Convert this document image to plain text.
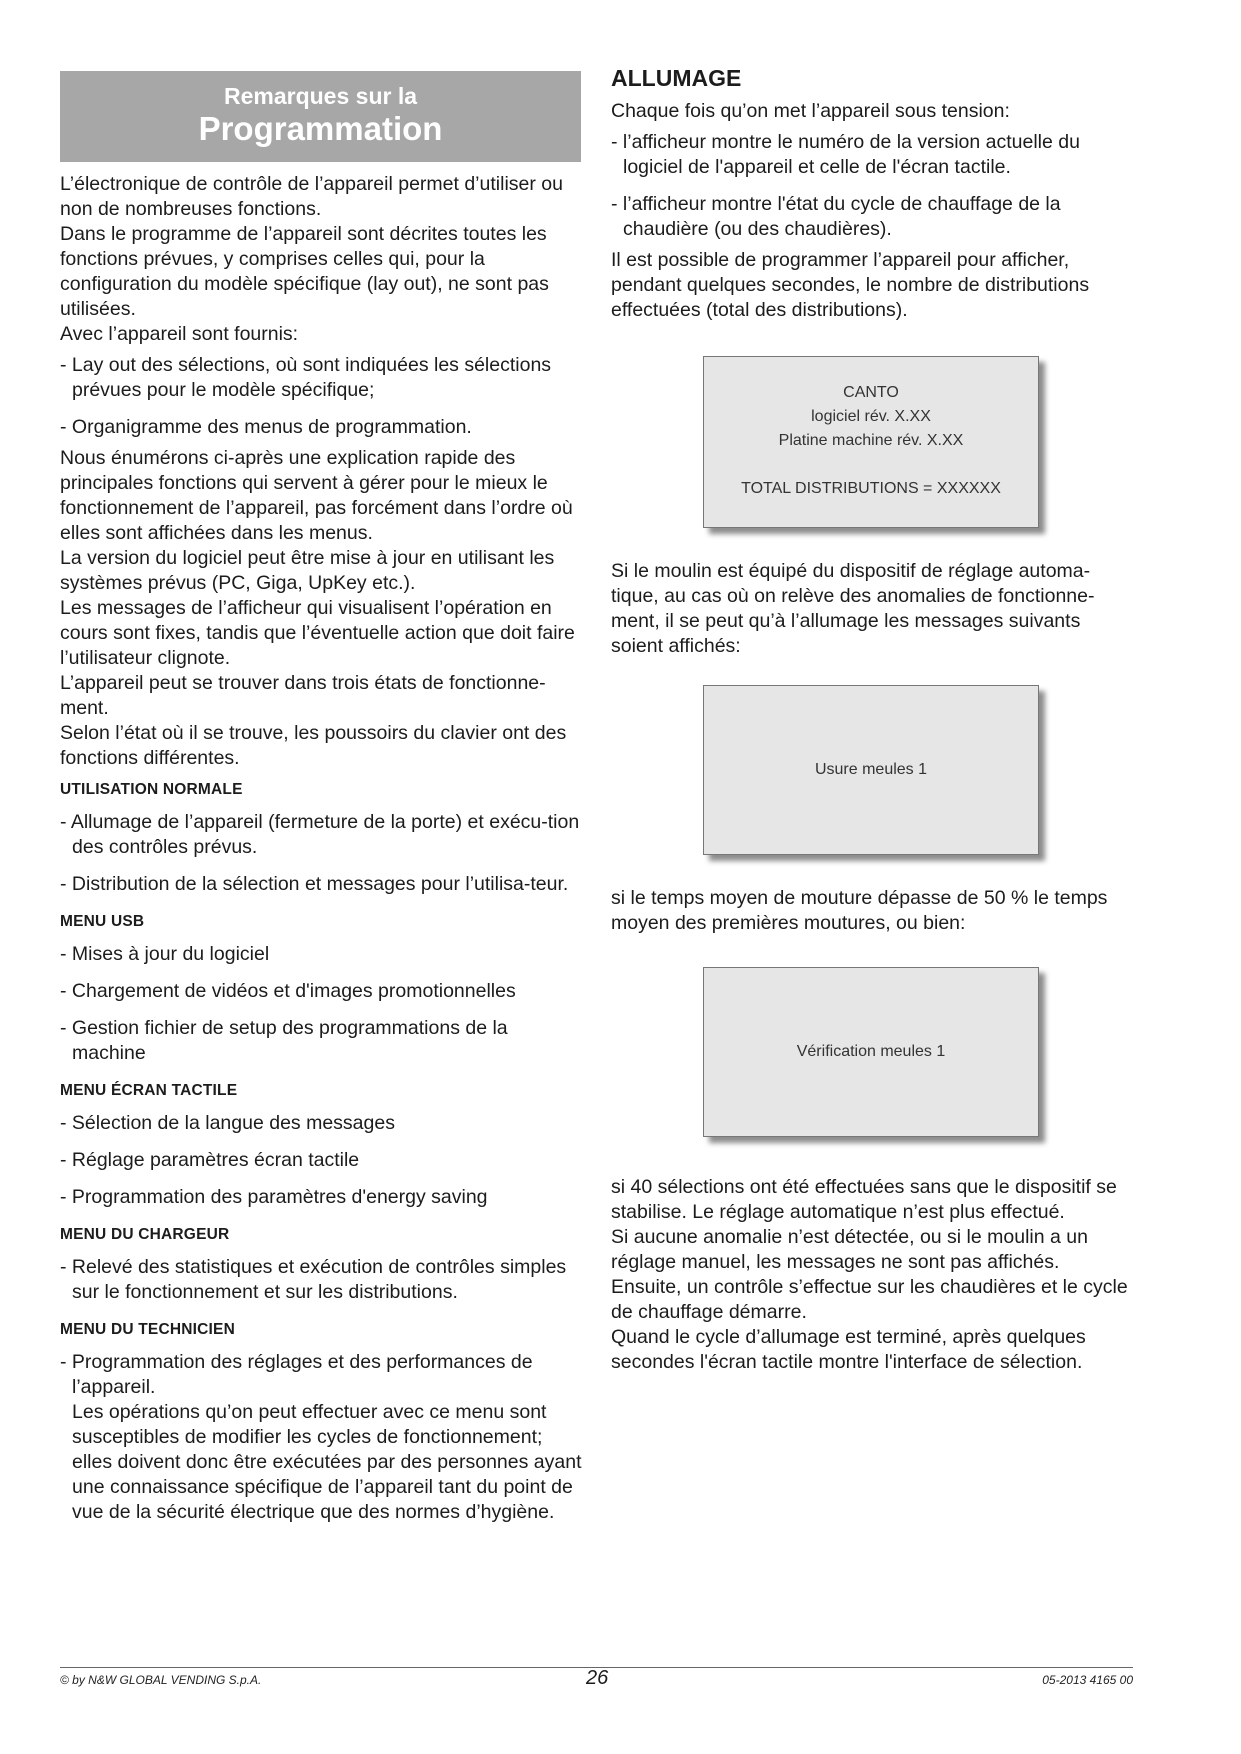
Remarques sur la
Programmation

L’électronique de contrôle de l’appareil permet d’utiliser ou non de nombreuses fonctions.

Dans le programme de l’appareil sont décrites toutes les fonctions prévues, y comprises celles qui, pour la configuration du modèle spécifique (lay out), ne sont pas utilisées.

Avec l’appareil sont fournis:

- Lay out des sélections, où sont indiquées les sélections prévues pour le modèle spécifique;
- Organigramme des menus de programmation.

Nous énumérons ci-après une explication rapide des principales fonctions qui servent à gérer pour le mieux le fonctionnement de l’appareil, pas forcément dans l’ordre où elles sont affichées dans les menus.

La version du logiciel peut être mise à jour en utilisant les systèmes prévus (PC, Giga, UpKey etc.).

Les messages de l’afficheur qui visualisent l’opération en cours sont fixes, tandis que l’éventuelle action que doit faire l’utilisateur clignote.

L’appareil peut se trouver dans trois états de fonctionne-ment.

Selon l’état où il se trouve, les poussoirs du clavier ont des fonctions différentes.

UTILISATION NORMALE
- Allumage de l’appareil (fermeture de la porte) et exécu-tion des contrôles prévus.
- Distribution de la sélection et messages pour l’utilisa-teur.
MENU USB
- Mises à jour du logiciel
- Chargement de vidéos et d'images promotionnelles
- Gestion fichier de setup des programmations de la machine
MENU ÉCRAN TACTILE
- Sélection de la langue des messages
- Réglage paramètres écran tactile
- Programmation des paramètres d'energy saving
MENU DU CHARGEUR
- Relevé des statistiques et exécution de contrôles simples sur le fonctionnement et sur les distributions.
MENU DU TECHNICIEN
- Programmation des réglages et des performances de l’appareil.
Les opérations qu’on peut effectuer avec ce menu sont susceptibles de modifier les cycles de fonctionnement; elles doivent donc être exécutées par des personnes ayant une connaissance spécifique de l’appareil tant du point de vue de la sécurité électrique que des normes d’hygiène.
ALLUMAGE

Chaque fois qu’on met l’appareil sous tension:

- l’afficheur montre le numéro de la version actuelle du logiciel de l'appareil et celle de l'écran tactile.
- l’afficheur montre l'état du cycle de chauffage de la chaudière (ou des chaudières).

Il est possible de programmer l’appareil pour afficher, pendant quelques secondes, le nombre de distributions effectuées (total des distributions).

CANTO
logiciel rév. X.XX
Platine machine rév. X.XX
TOTAL DISTRIBUTIONS = XXXXXX
Si le moulin est équipé du dispositif de réglage automa-tique, au cas où on relève des anomalies de fonctionne-ment, il se peut qu’à l’allumage les messages suivants soient affichés:
Usure meules 1
si le temps moyen de mouture dépasse de 50 % le temps moyen des premières moutures, ou bien:
Vérification meules 1

si 40 sélections ont été effectuées sans que le dispositif se stabilise. Le réglage automatique n’est plus effectué.

Si aucune anomalie n’est détectée, ou si le moulin a un réglage manuel, les messages ne sont pas affichés.

Ensuite, un contrôle s’effectue sur les chaudières et le cycle de chauffage démarre.

Quand le cycle d’allumage est terminé, après quelques secondes l'écran tactile montre l'interface de sélection.

© by N&W GLOBAL VENDING S.p.A.	26	05-2013 4165 00
